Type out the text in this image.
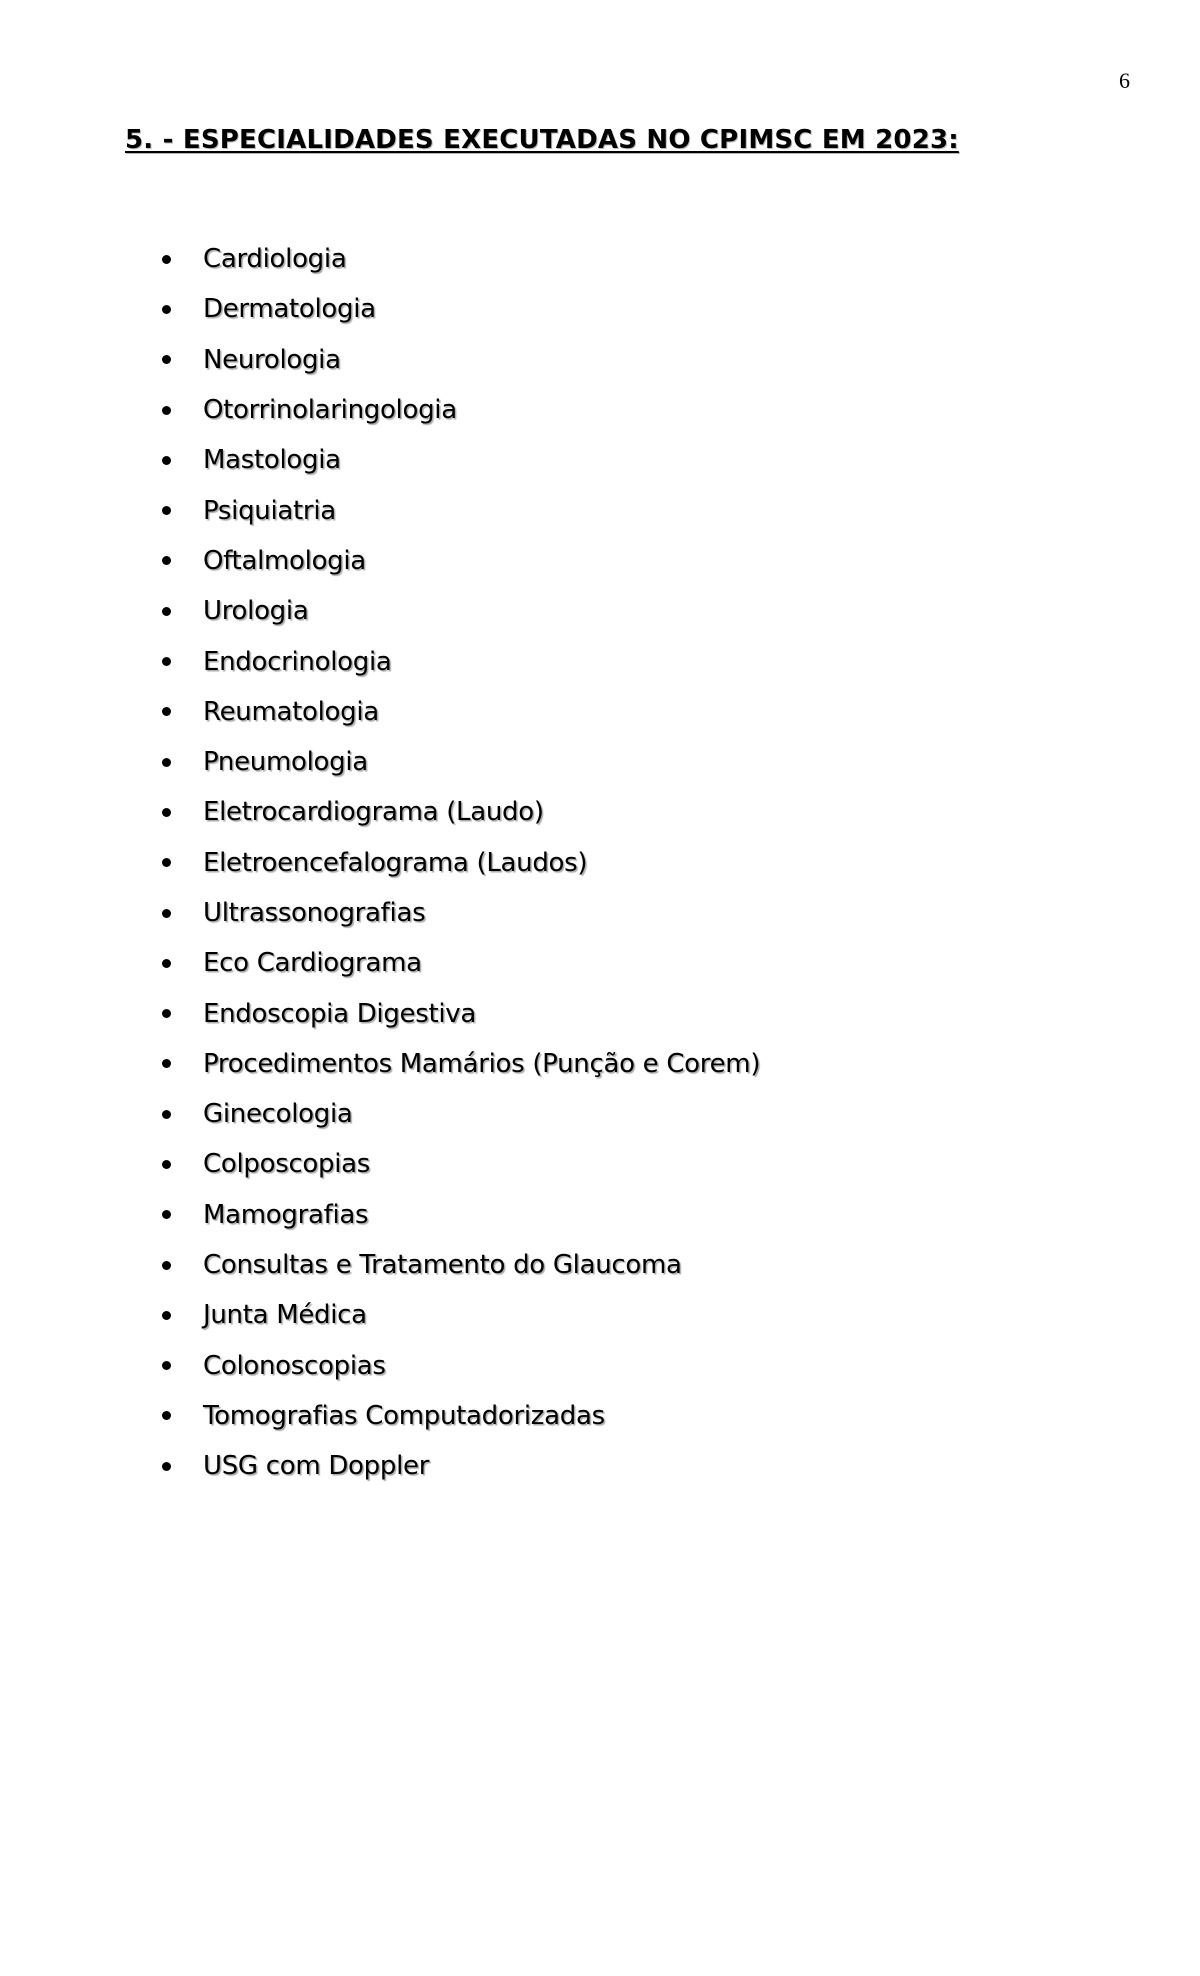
6
5. - ESPECIALIDADES EXECUTADAS NO CPIMSC EM 2023:
Cardiologia
Dermatologia
Neurologia
Otorrinolaringologia
Mastologia
Psiquiatria
Oftalmologia
Urologia
Endocrinologia
Reumatologia
Pneumologia
Eletrocardiograma (Laudo)
Eletroencefalograma (Laudos)
Ultrassonografias
Eco Cardiograma
Endoscopia Digestiva
Procedimentos Mamários (Punção e Corem)
Ginecologia
Colposcopias
Mamografias
Consultas e Tratamento do Glaucoma
Junta Médica
Colonoscopias
Tomografias Computadorizadas
USG com Doppler
